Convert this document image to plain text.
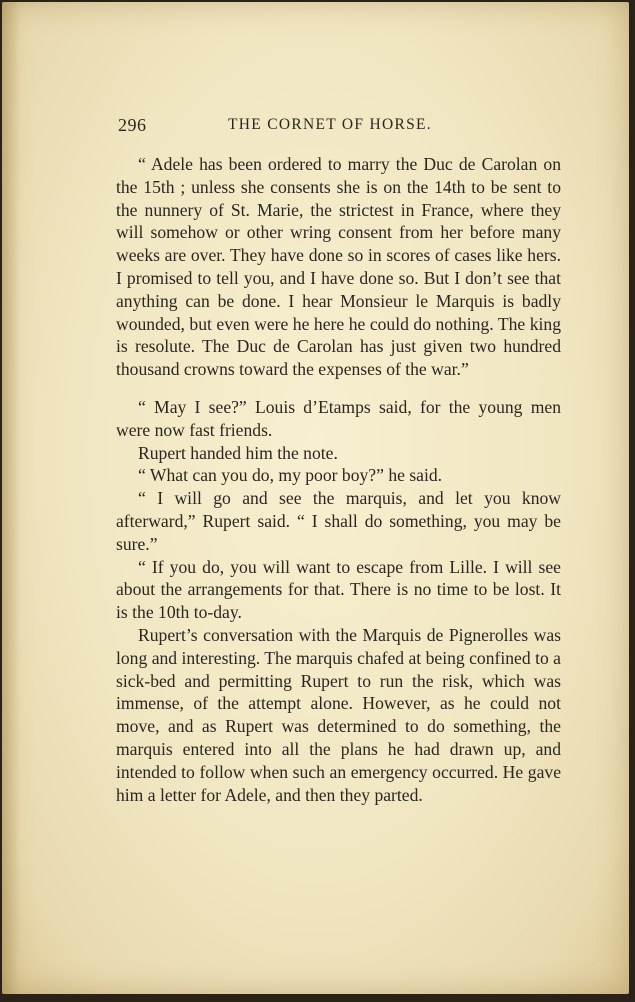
296	THE CORNET OF HORSE.

“ Adele has been ordered to marry the Duc de Carolan on the 15th ; unless she consents she is on the 14th to be sent to the nunnery of St. Marie, the strictest in France, where they will somehow or other wring consent from her before many weeks are over. They have done so in scores of cases like hers. I promised to tell you, and I have done so. But I don’t see that anything can be done. I hear Monsieur le Marquis is badly wounded, but even were he here he could do nothing. The king is resolute. The Duc de Carolan has just given two hundred thousand crowns toward the expenses of the war.”

“ May I see?” Louis d’Etamps said, for the young men were now fast friends.

Rupert handed him the note.

“ What can you do, my poor boy?” he said.

“ I will go and see the marquis, and let you know afterward,” Rupert said. “ I shall do something, you may be sure.”

“ If you do, you will want to escape from Lille. I will see about the arrangements for that. There is no time to be lost. It is the 10th to-day.

Rupert’s conversation with the Marquis de Pignerolles was long and interesting. The marquis chafed at being confined to a sick-bed and permitting Rupert to run the risk, which was immense, of the attempt alone. However, as he could not move, and as Rupert was determined to do something, the marquis entered into all the plans he had drawn up, and intended to follow when such an emergency occurred. He gave him a letter for Adele, and then they parted.
